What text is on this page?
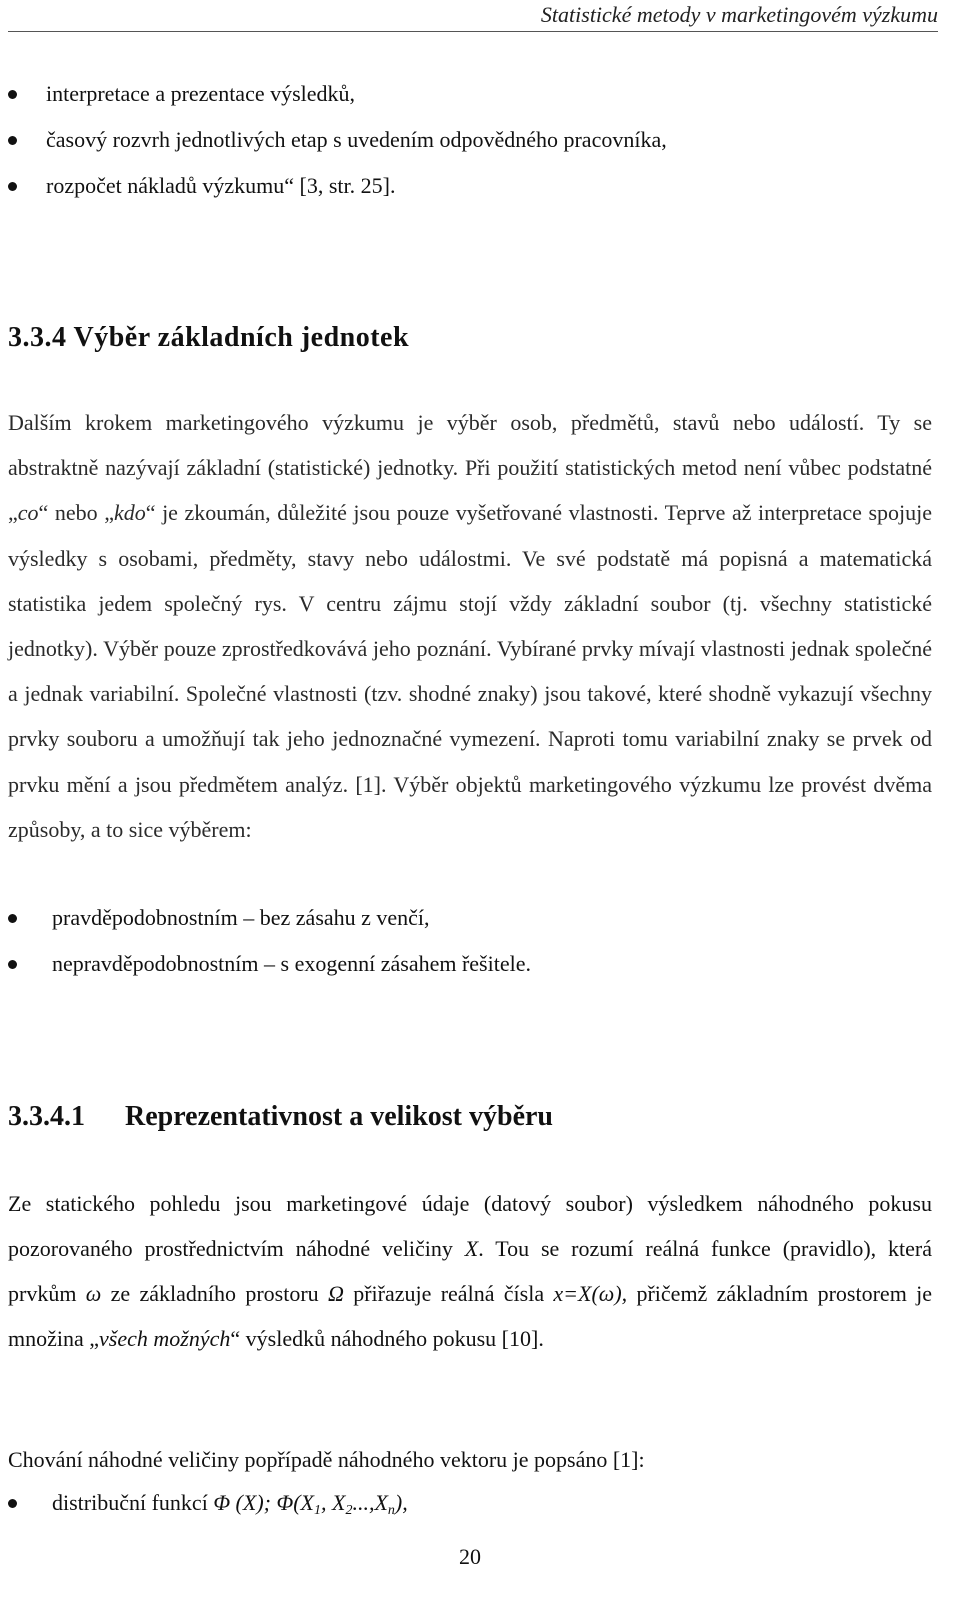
Statistické metody v marketingovém výzkumu
interpretace a prezentace výsledků,
časový rozvrh jednotlivých etap s uvedením odpovědného pracovníka,
rozpočet nákladů výzkumu“ [3, str. 25].
3.3.4 Výběr základních jednotek

Dalším krokem marketingového výzkumu je výběr osob, předmětů, stavů nebo událostí. Ty se abstraktně nazývají základní (statistické) jednotky. Při použití statistických metod není vůbec podstatné „co“ nebo „kdo“ je zkoumán, důležité jsou pouze vyšetřované vlastnosti. Teprve až interpretace spojuje výsledky s osobami, předměty, stavy nebo událostmi. Ve své podstatě má popisná a matematická statistika jedem společný rys. V centru zájmu stojí vždy základní soubor (tj. všechny statistické jednotky). Výběr pouze zprostředkovává jeho poznání. Vybírané prvky mívají vlastnosti jednak společné a jednak variabilní. Společné vlastnosti (tzv. shodné znaky) jsou takové, které shodně vykazují všechny prvky souboru a umožňují tak jeho jednoznačné vymezení. Naproti tomu variabilní znaky se prvek od prvku mění a jsou předmětem analýz. [1]. Výběr objektů marketingového výzkumu lze provést dvěma způsoby, a to sice výběrem:

pravděpodobnostním – bez zásahu z venčí,
nepravděpodobnostním – s exogenní zásahem řešitele.
3.3.4.1 Reprezentativnost a velikost výběru

Ze statického pohledu jsou marketingové údaje (datový soubor) výsledkem náhodného pokusu pozorovaného prostřednictvím náhodné veličiny X. Tou se rozumí reálná funkce (pravidlo), která prvkům ω ze základního prostoru Ω přiřazuje reálná čísla x=X(ω), přičemž základním prostorem je množina „všech možných“ výsledků náhodného pokusu [10].

Chování náhodné veličiny popřípadě náhodného vektoru je popsáno [1]:

distribuční funkcí Φ (X); $\Phi(X_1$, $X_2...,X_n$),
20
